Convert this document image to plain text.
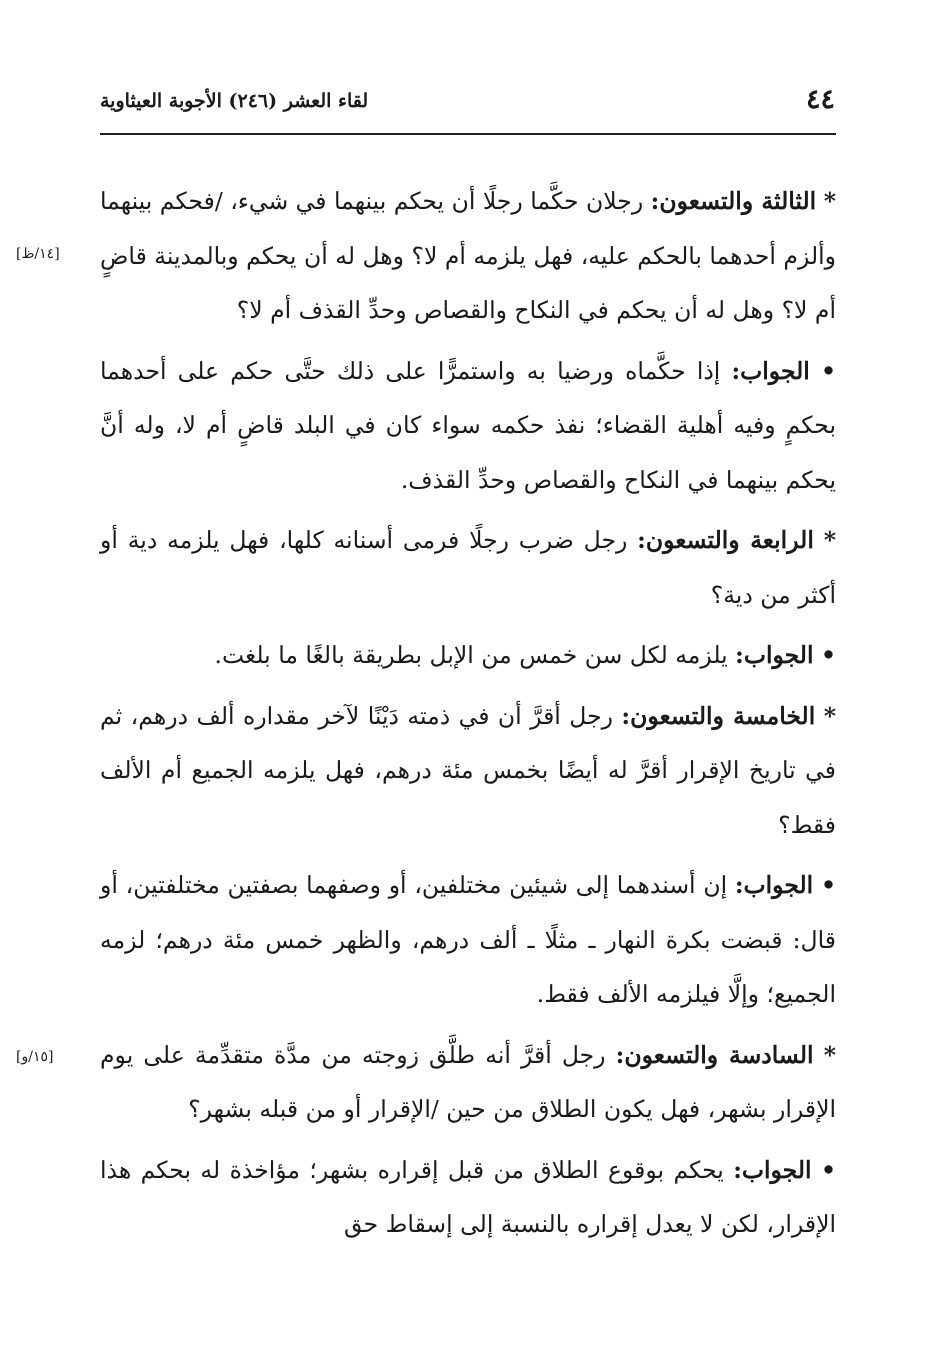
٤٤
لقاء العشر (٢٤٦) الأجوبة العيثاوية

[١٤/ظ]
* الثالثة والتسعون: رجلان حكَّما رجلًا أن يحكم بينهما في شيء، /فحكم بينهما وألزم أحدهما بالحكم عليه، فهل يلزمه أم لا؟ وهل له أن يحكم وبالمدينة قاضٍ أم لا؟ وهل له أن يحكم في النكاح والقصاص وحدِّ القذف أم لا؟

• الجواب: إذا حكَّماه ورضيا به واستمرًّا على ذلك حتَّى حكم على أحدهما بحكمٍ وفيه أهلية القضاء؛ نفذ حكمه سواء كان في البلد قاضٍ أم لا، وله أنَّ يحكم بينهما في النكاح والقصاص وحدِّ القذف.

* الرابعة والتسعون: رجل ضرب رجلًا فرمى أسنانه كلها، فهل يلزمه دية أو أكثر من دية؟

• الجواب: يلزمه لكل سن خمس من الإبل بطريقة بالغًا ما بلغت.

* الخامسة والتسعون: رجل أقرَّ أن في ذمته دَيْنًا لآخر مقداره ألف درهم، ثم في تاريخ الإقرار أقرَّ له أيضًا بخمس مئة درهم، فهل يلزمه الجميع أم الألف فقط؟

• الجواب: إن أسندهما إلى شيئين مختلفين، أو وصفهما بصفتين مختلفتين، أو قال: قبضت بكرة النهار ـ مثلًا ـ ألف درهم، والظهر خمس مئة درهم؛ لزمه الجميع؛ وإلَّا فيلزمه الألف فقط.

[١٥/و]	* السادسة والتسعون: رجل أقرَّ أنه طلَّق زوجته من مدَّة متقدِّمة على يوم الإقرار بشهر، فهل يكون الطلاق من حين /الإقرار أو من قبله بشهر؟

• الجواب: يحكم بوقوع الطلاق من قبل إقراره بشهر؛ مؤاخذة له بحكم هذا الإقرار، لكن لا يعدل إقراره بالنسبة إلى إسقاط حق
